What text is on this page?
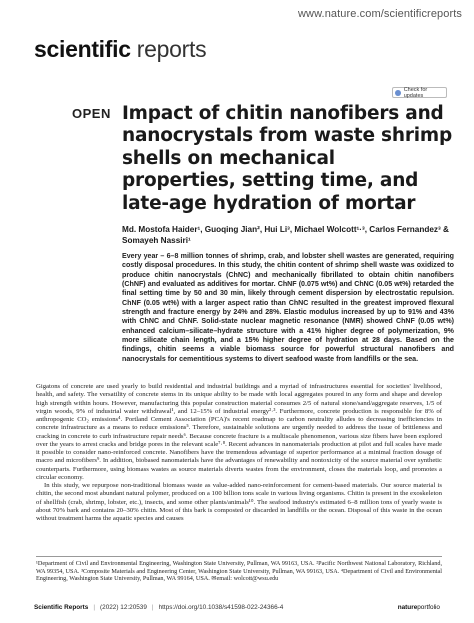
www.nature.com/scientificreports
scientific reports
Check for updates
OPEN Impact of chitin nanofibers and nanocrystals from waste shrimp shells on mechanical properties, setting time, and late-age hydration of mortar
Md. Mostofa Haider¹, Guoqing Jian², Hui Li³, Michael Wolcott¹·³, Carlos Fernandez³ & Somayeh Nassiri¹
Every year – 6–8 million tonnes of shrimp, crab, and lobster shell wastes are generated, requiring costly disposal procedures. In this study, the chitin content of shrimp shell waste was oxidized to produce chitin nanocrystals (ChNC) and mechanically fibrillated to obtain chitin nanofibers (ChNF) and evaluated as additives for mortar. ChNF (0.075 wt%) and ChNC (0.05 wt%) retarded the final setting time by 50 and 30 min, likely through cement dispersion by electrostatic repulsion. ChNF (0.05 wt%) with a larger aspect ratio than ChNC resulted in the greatest improved flexural strength and fracture energy by 24% and 28%. Elastic modulus increased by up to 91% and 43% with ChNC and ChNF. Solid-state nuclear magnetic resonance (NMR) showed ChNF (0.05 wt%) enhanced calcium–silicate–hydrate structure with a 41% higher degree of polymerization, 9% more silicate chain length, and a 15% higher degree of hydration at 28 days. Based on the findings, chitin seems a viable biomass source for powerful structural nanofibers and nanocrystals for cementitious systems to divert seafood waste from landfills or the sea.

Gigatons of concrete are used yearly to build residential and industrial buildings and a myriad of infrastructures essential for societies' livelihood, health, and safety. The versatility of concrete stems in its unique ability to be made with local aggregates poured in any form and shape and develop high strength within hours. However, manufacturing this popular construction material consumes 2/5 of natural stone/sand/aggregate reserves, 1/5 of virgin woods, 9% of industrial water withdrawal¹, and 12–15% of industrial energy²·³. Furthermore, concrete production is responsible for 8% of anthropogenic CO₂ emissions⁴. Portland Cement Association (PCA)'s recent roadmap to carbon neutrality alludes to decreasing inefficiencies in concrete infrastructure as a means to reduce emissions⁵. Therefore, sustainable solutions are urgently needed to address the issue of brittleness and cracking in concrete to curb infrastructure repair needs⁶. Because concrete fracture is a multiscale phenomenon, various size fibers have been explored over the years to arrest cracks and bridge pores in the relevant scale⁷·⁸. Recent advances in nanomaterials production at pilot and full scales have made it possible to consider nano-reinforced concrete. Nanofibers have the tremendous advantage of superior performance at a minimal fraction dosage of macro and microfibers⁹. In addition, biobased nanomaterials have the advantages of renewability and nontoxicity of the source material over synthetic counterparts. Furthermore, using biomass wastes as source materials diverts wastes from the environment, closes the materials loop, and promotes a circular economy.

In this study, we repurpose non-traditional biomass waste as value-added nano-reinforcement for cement-based materials. Our source material is chitin, the second most abundant natural polymer, produced on a 100 billion tons scale in various living organisms. Chitin is present in the exoskeleton of shellfish (crab, shrimp, lobster, etc.), insects, and some other plants/animals¹⁰. The seafood industry's estimated 6–8 million tons of yearly waste is about 70% bark and contains 20–30% chitin. Most of this bark is composted or discarded in landfills or the ocean. Disposal of this waste in the ocean without treatment harms the aquatic species and causes

¹Department of Civil and Environmental Engineering, Washington State University, Pullman, WA 99163, USA. ²Pacific Northwest National Laboratory, Richland, WA 99354, USA. ³Composite Materials and Engineering Center, Washington State University, Pullman, WA 99163, USA. ⁴Department of Civil and Environmental Engineering, Washington State University, Pullman, WA 99164, USA. ✉email: wolcott@wsu.edu
Scientific Reports | (2022) 12:20539 | https://doi.org/10.1038/s41598-022-24366-4	natureportfolio
